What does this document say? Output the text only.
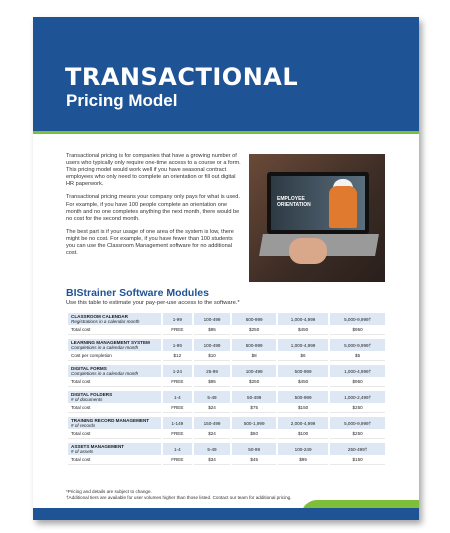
TRANSACTIONAL
Pricing Model

Transactional pricing is for companies that have a growing number of users who typically only require one-time access to a course or a form. This pricing model would work well if you have seasonal contract employees who only need to complete an orientation or fill out digital HR paperwork.

Transactional pricing means your company only pays for what is used. For example, if you have 100 people complete an orientation one month and no one completes anything the next month, there would be no cost for the second month.

The best part is if your usage of one area of the system is low, there might be no cost. For example, if you have fewer than 100 students you can use the Classroom Management software for no additional cost.

EMPLOYEE
ORIENTATION
BIStrainer Software Modules
Use this table to estimate your pay-per-use access to the software.*
CLASSROOM CALENDAR
Registrations in a calendar month	1-99	100-499	500-999	1,000-4,999	5,000-9,999†
Total cost	FREE	$95	$250	$450	$950

LEARNING MANAGEMENT SYSTEM
Completions in a calendar month	1-99	100-499	500-999	1,000-4,999	5,000-9,999†
Cost per completion	$12	$10	$8	$6	$5

DIGITAL FORMS
Completions in a calendar month	1-24	25-99	100-499	500-999	1,000-4,999†
Total cost	FREE	$95	$250	$450	$950

DIGITAL FOLDERS
# of documents	1-4	5-49	50-499	500-999	1,000-2,499†
Total cost	FREE	$24	$75	$150	$250

TRAINING RECORD MANAGEMENT
# of records	1-149	150-499	500-1,999	2,000-4,999	5,000-9,999†
Total cost	FREE	$24	$50	$100	$250

ASSETS MANAGEMENT
# of assets	1-4	5-49	50-99	100-249	250-499†
Total cost	FREE	$34	$45	$95	$150
*Pricing and details are subject to change.
†Additional tiers are available for user volumes higher than those listed. Contact our team for additional pricing.
